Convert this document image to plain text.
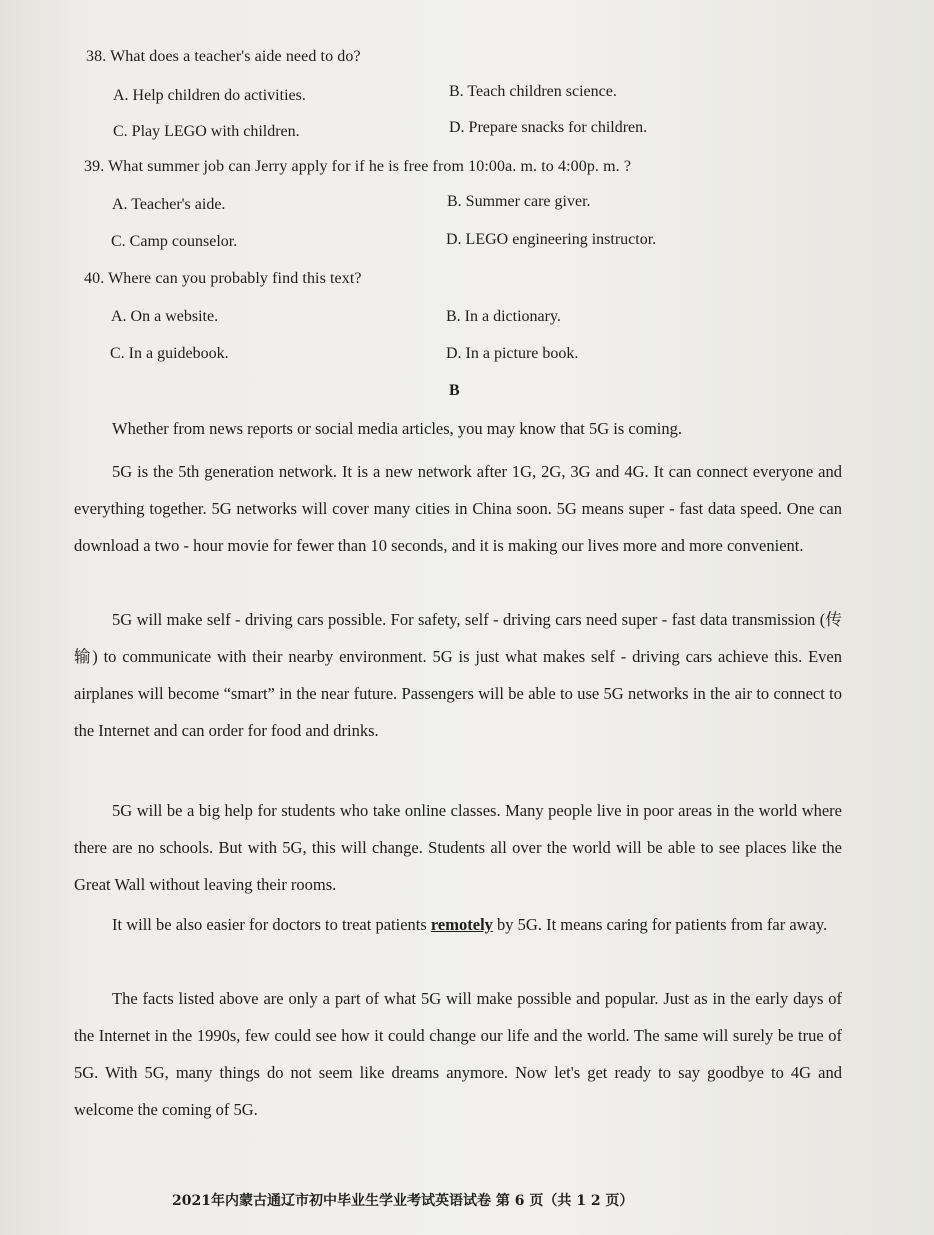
38. What does a teacher's aide need to do?
A. Help children do activities.	B. Teach children science.
C. Play LEGO with children.	D. Prepare snacks for children.
39. What summer job can Jerry apply for if he is free from 10:00a. m. to 4:00p. m. ?
A. Teacher's aide.	B. Summer care giver.
C. Camp counselor.	D. LEGO engineering instructor.
40. Where can you probably find this text?
A. On a website.	B. In a dictionary.
C. In a guidebook.	D. In a picture book.
B
Whether from news reports or social media articles, you may know that 5G is coming.
5G is the 5th generation network. It is a new network after 1G, 2G, 3G and 4G. It can connect everyone and everything together. 5G networks will cover many cities in China soon. 5G means super - fast data speed. One can download a two - hour movie for fewer than 10 seconds, and it is making our lives more and more convenient.
5G will make self - driving cars possible. For safety, self - driving cars need super - fast data transmission (传输) to communicate with their nearby environment. 5G is just what makes self - driving cars achieve this. Even airplanes will become “smart” in the near future. Passengers will be able to use 5G networks in the air to connect to the Internet and can order for food and drinks.
5G will be a big help for students who take online classes. Many people live in poor areas in the world where there are no schools. But with 5G, this will change. Students all over the world will be able to see places like the Great Wall without leaving their rooms.
It will be also easier for doctors to treat patients remotely by 5G. It means caring for patients from far away.
The facts listed above are only a part of what 5G will make possible and popular. Just as in the early days of the Internet in the 1990s, few could see how it could change our life and the world. The same will surely be true of 5G. With 5G, many things do not seem like dreams anymore. Now let's get ready to say goodbye to 4G and welcome the coming of 5G.
2021年内蒙古通辽市初中毕业生学业考试英语试卷 第 6 页（共 1 2 页）
